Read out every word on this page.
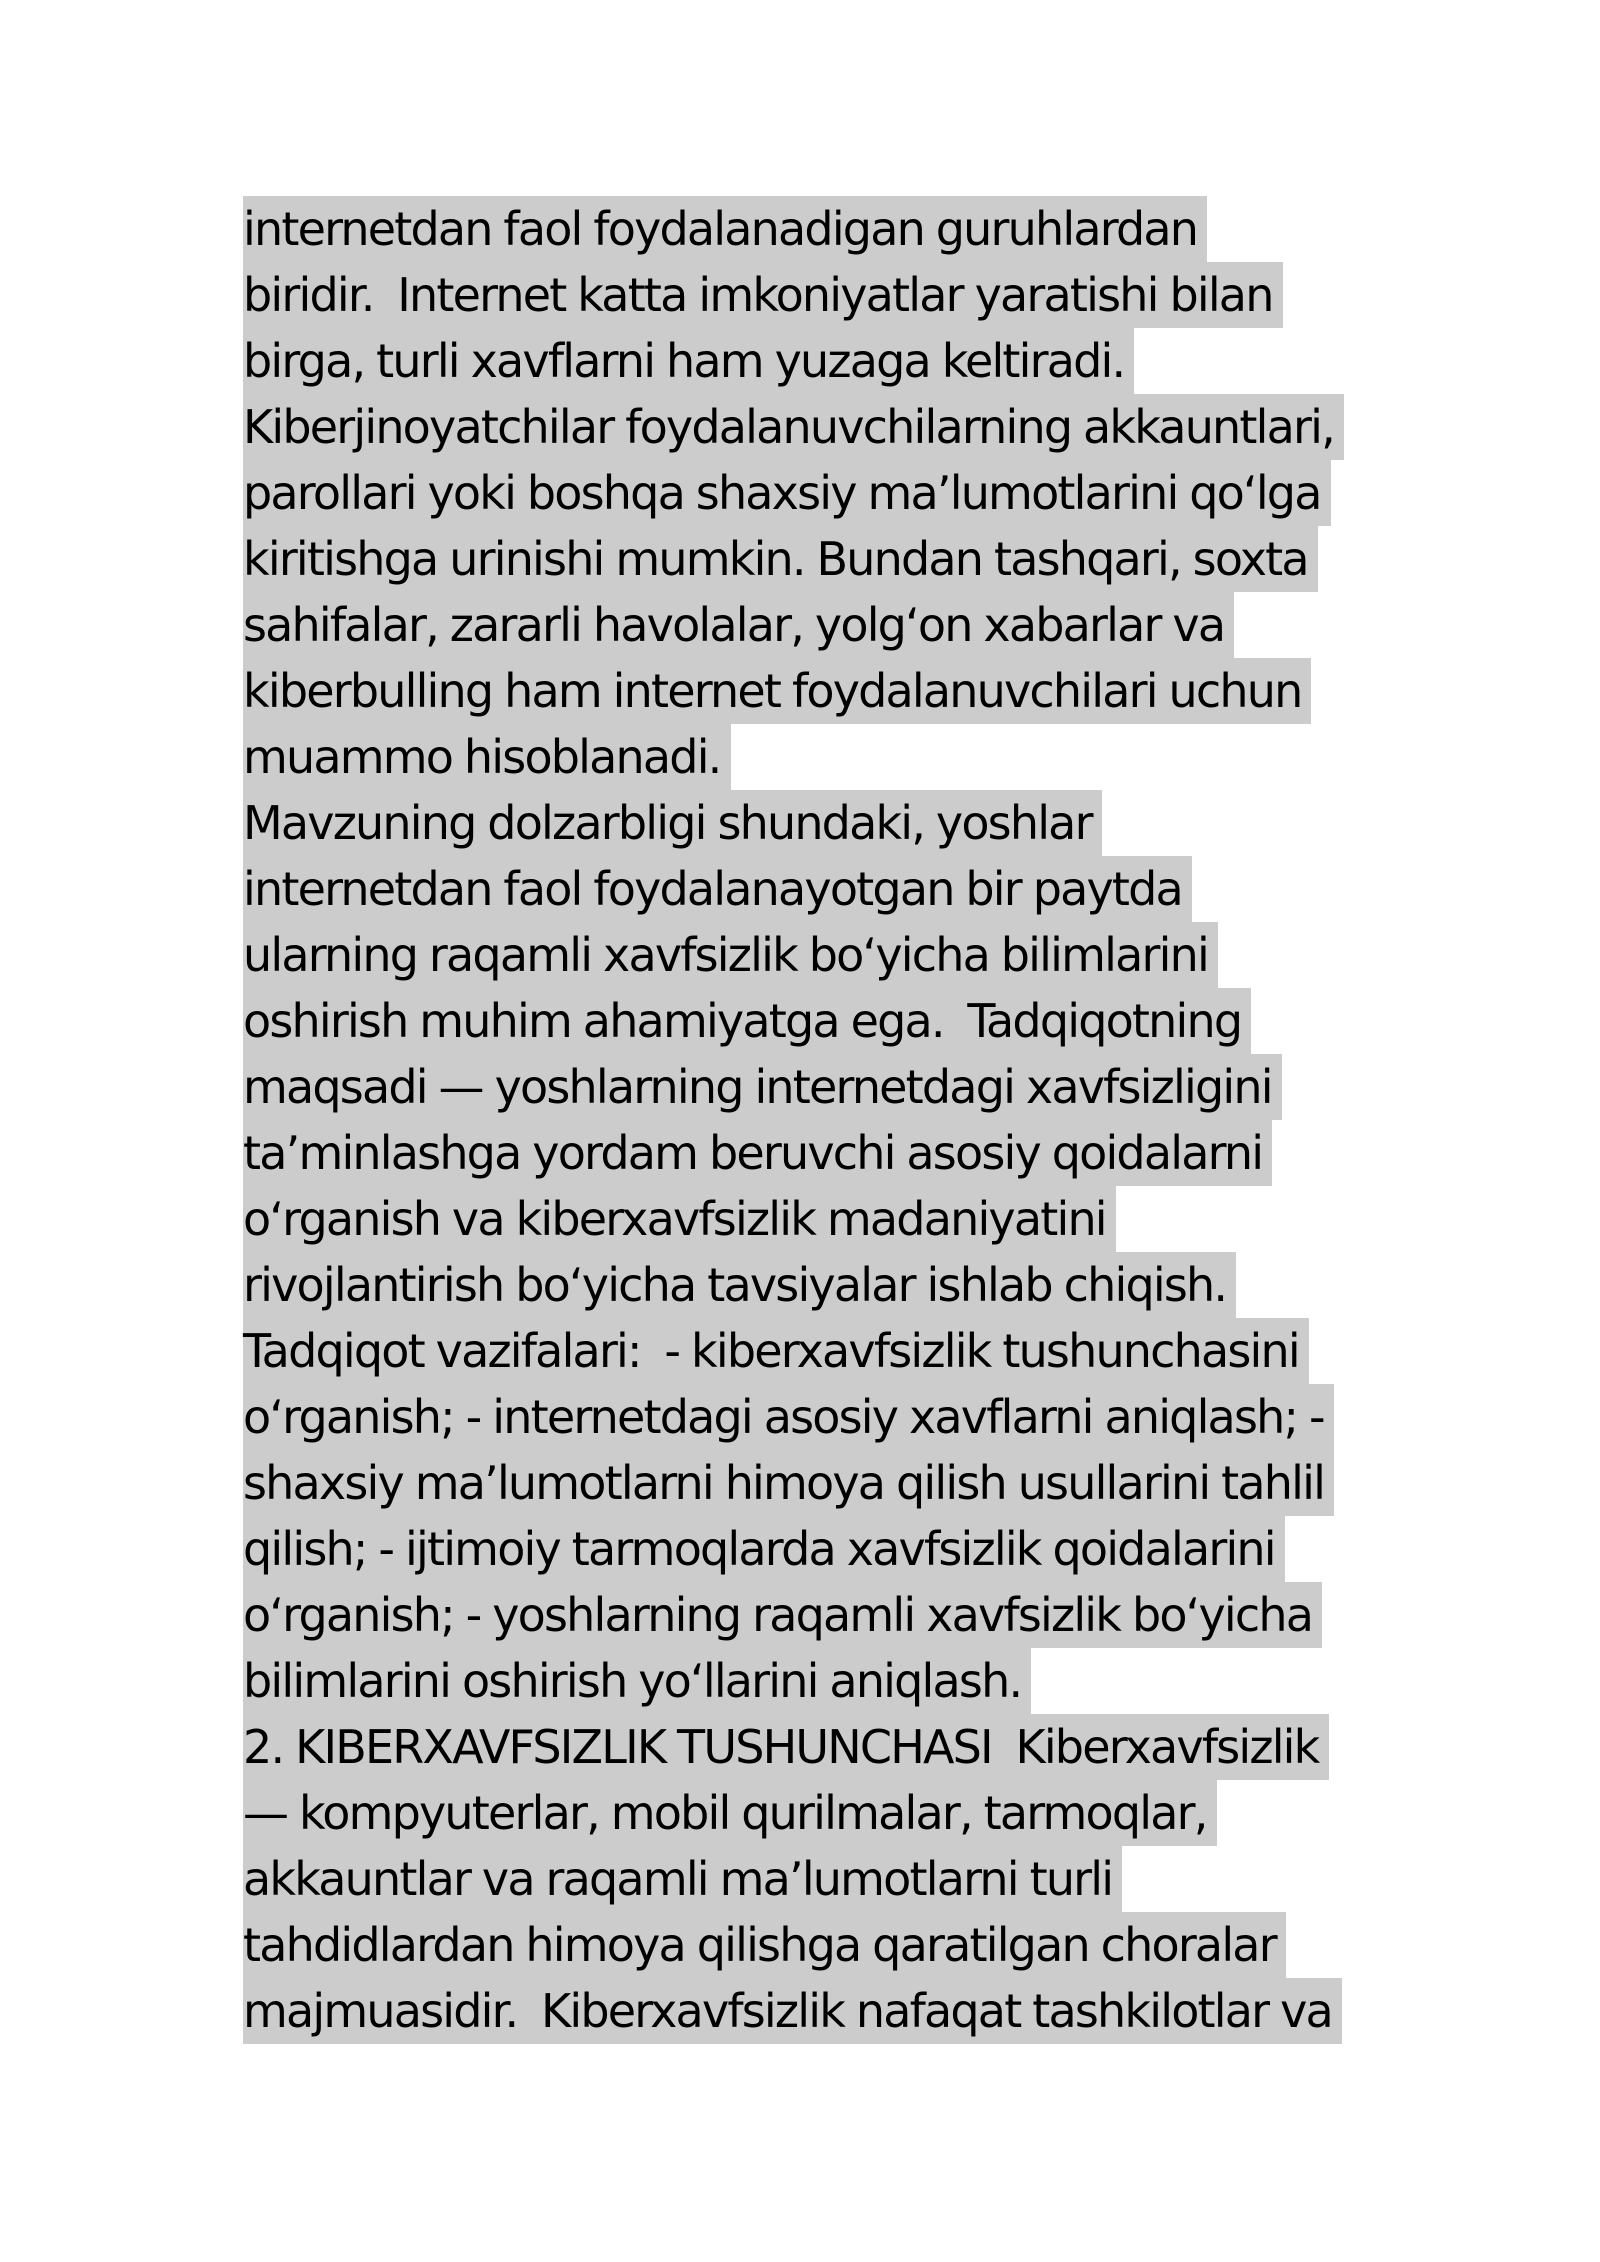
internetdan faol foydalanadigan guruhlardan
biridir.  Internet katta imkoniyatlar yaratishi bilan
birga, turli xavflarni ham yuzaga keltiradi.
Kiberjinoyatchilar foydalanuvchilarning akkauntlari,
parollari yoki boshqa shaxsiy ma’lumotlarini qo‘lga
kiritishga urinishi mumkin. Bundan tashqari, soxta
sahifalar, zararli havolalar, yolg‘on xabarlar va
kiberbulling ham internet foydalanuvchilari uchun
muammo hisoblanadi.
Mavzuning dolzarbligi shundaki, yoshlar
internetdan faol foydalanayotgan bir paytda
ularning raqamli xavfsizlik bo‘yicha bilimlarini
oshirish muhim ahamiyatga ega.  Tadqiqotning
maqsadi — yoshlarning internetdagi xavfsizligini
ta’minlashga yordam beruvchi asosiy qoidalarni
o‘rganish va kiberxavfsizlik madaniyatini
rivojlantirish bo‘yicha tavsiyalar ishlab chiqish.
Tadqiqot vazifalari:  - kiberxavfsizlik tushunchasini
o‘rganish; - internetdagi asosiy xavflarni aniqlash; -
shaxsiy ma’lumotlarni himoya qilish usullarini tahlil
qilish; - ijtimoiy tarmoqlarda xavfsizlik qoidalarini
o‘rganish; - yoshlarning raqamli xavfsizlik bo‘yicha
bilimlarini oshirish yo‘llarini aniqlash.
2. KIBERXAVFSIZLIK TUSHUNCHASI  Kiberxavfsizlik
— kompyuterlar, mobil qurilmalar, tarmoqlar,
akkauntlar va raqamli ma’lumotlarni turli
tahdidlardan himoya qilishga qaratilgan choralar
majmuasidir.  Kiberxavfsizlik nafaqat tashkilotlar va
